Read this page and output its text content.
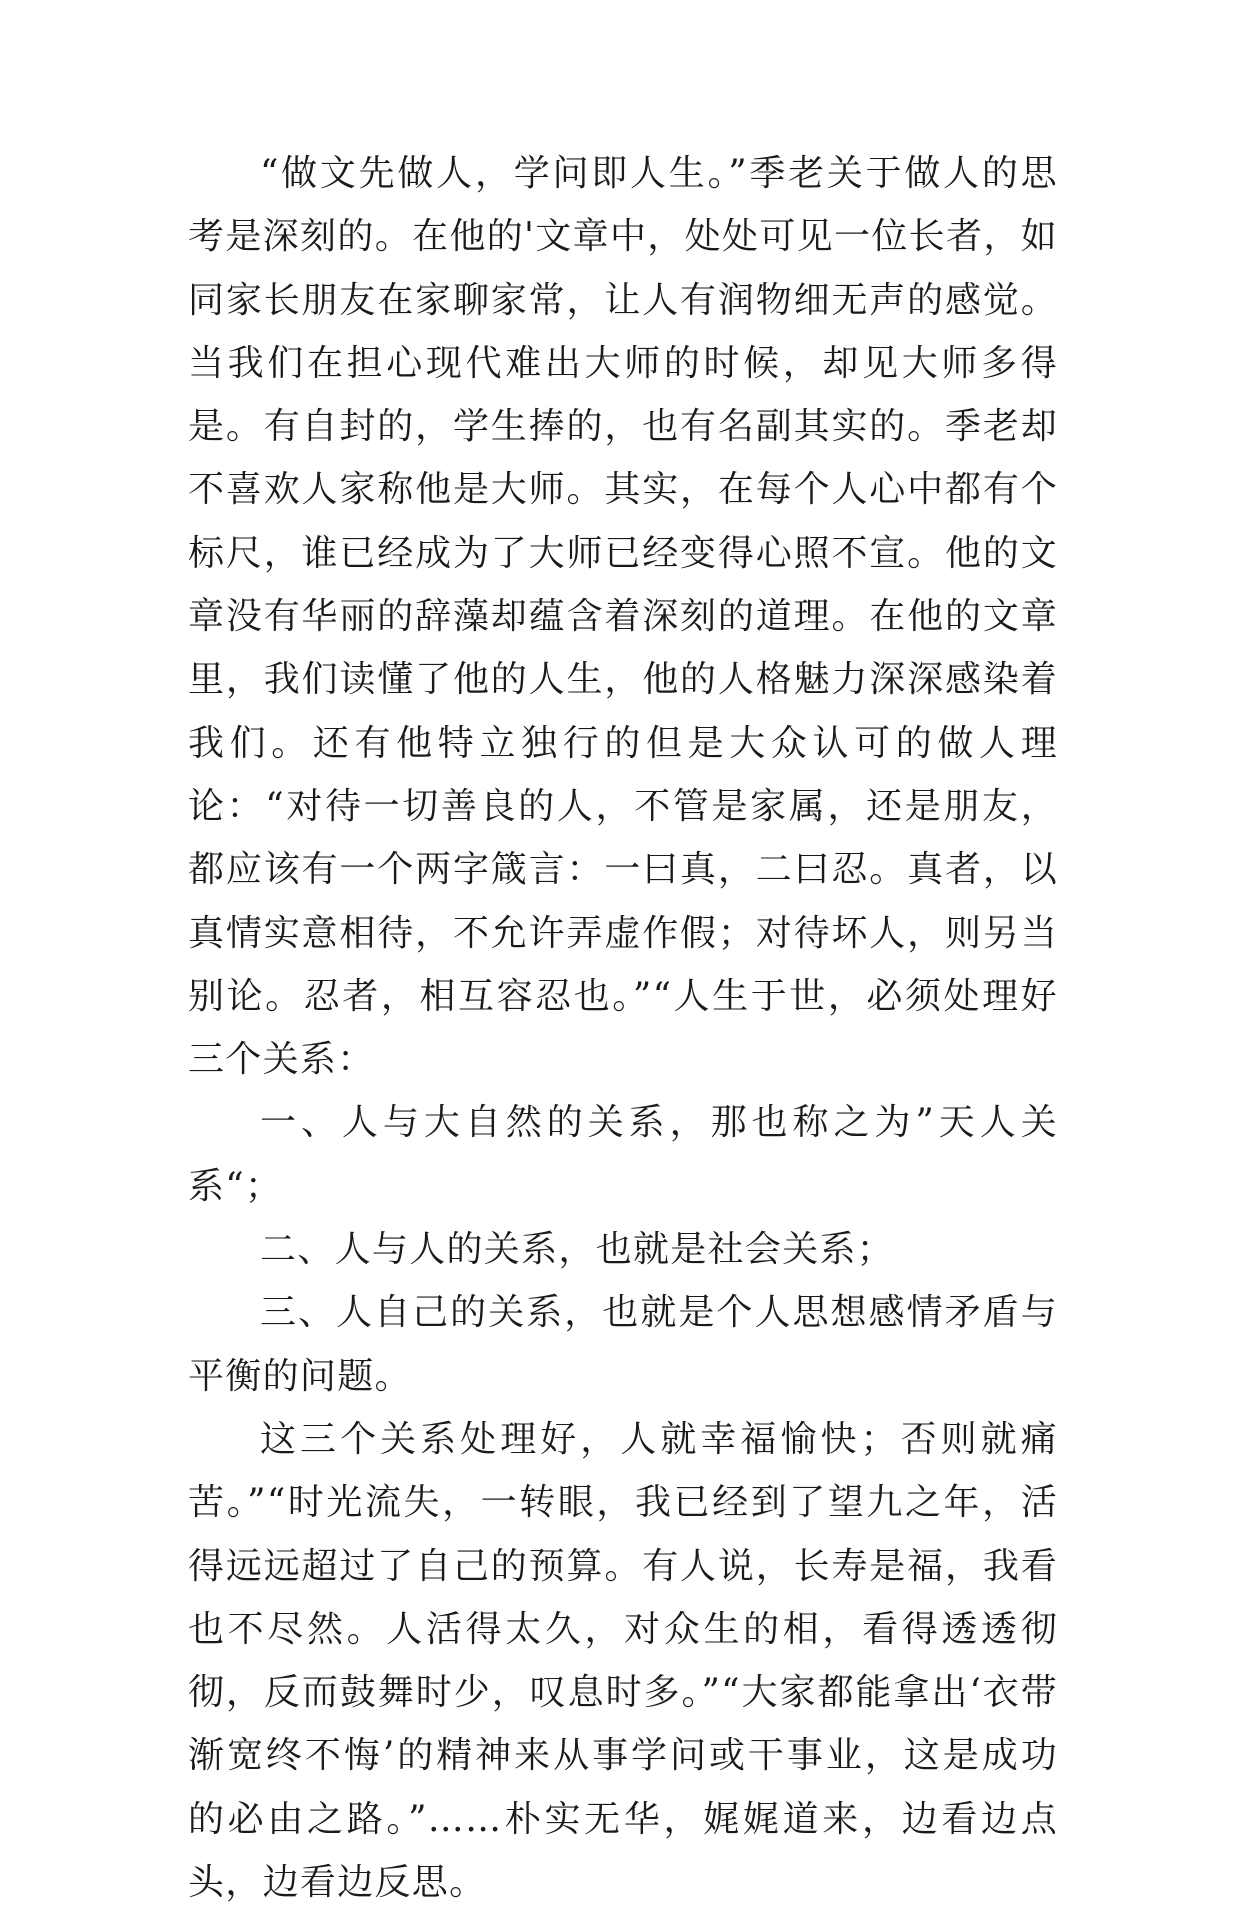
“做文先做人，学问即人生。”季老关于做人的思考是深刻的。在他的'文章中，处处可见一位长者，如同家长朋友在家聊家常，让人有润物细无声的感觉。当我们在担心现代难出大师的时候，却见大师多得是。有自封的，学生捧的，也有名副其实的。季老却不喜欢人家称他是大师。其实，在每个人心中都有个标尺，谁已经成为了大师已经变得心照不宣。他的文章没有华丽的辞藻却蕴含着深刻的道理。在他的文章里，我们读懂了他的人生，他的人格魅力深深感染着我们。还有他特立独行的但是大众认可的做人理论：“对待一切善良的人，不管是家属，还是朋友，都应该有一个两字箴言：一曰真，二曰忍。真者，以真情实意相待，不允许弄虚作假；对待坏人，则另当别论。忍者，相互容忍也。”“人生于世，必须处理好三个关系：

一、人与大自然的关系，那也称之为”天人关系“；

二、人与人的关系，也就是社会关系；

三、人自己的关系，也就是个人思想感情矛盾与平衡的问题。

这三个关系处理好，人就幸福愉快；否则就痛苦。”“时光流失，一转眼，我已经到了望九之年，活得远远超过了自己的预算。有人说，长寿是福，我看也不尽然。人活得太久，对众生的相，看得透透彻彻，反而鼓舞时少，叹息时多。”“大家都能拿出‘衣带渐宽终不悔’的精神来从事学问或干事业，这是成功的必由之路。”……朴实无华，娓娓道来，边看边点头，边看边反思。
